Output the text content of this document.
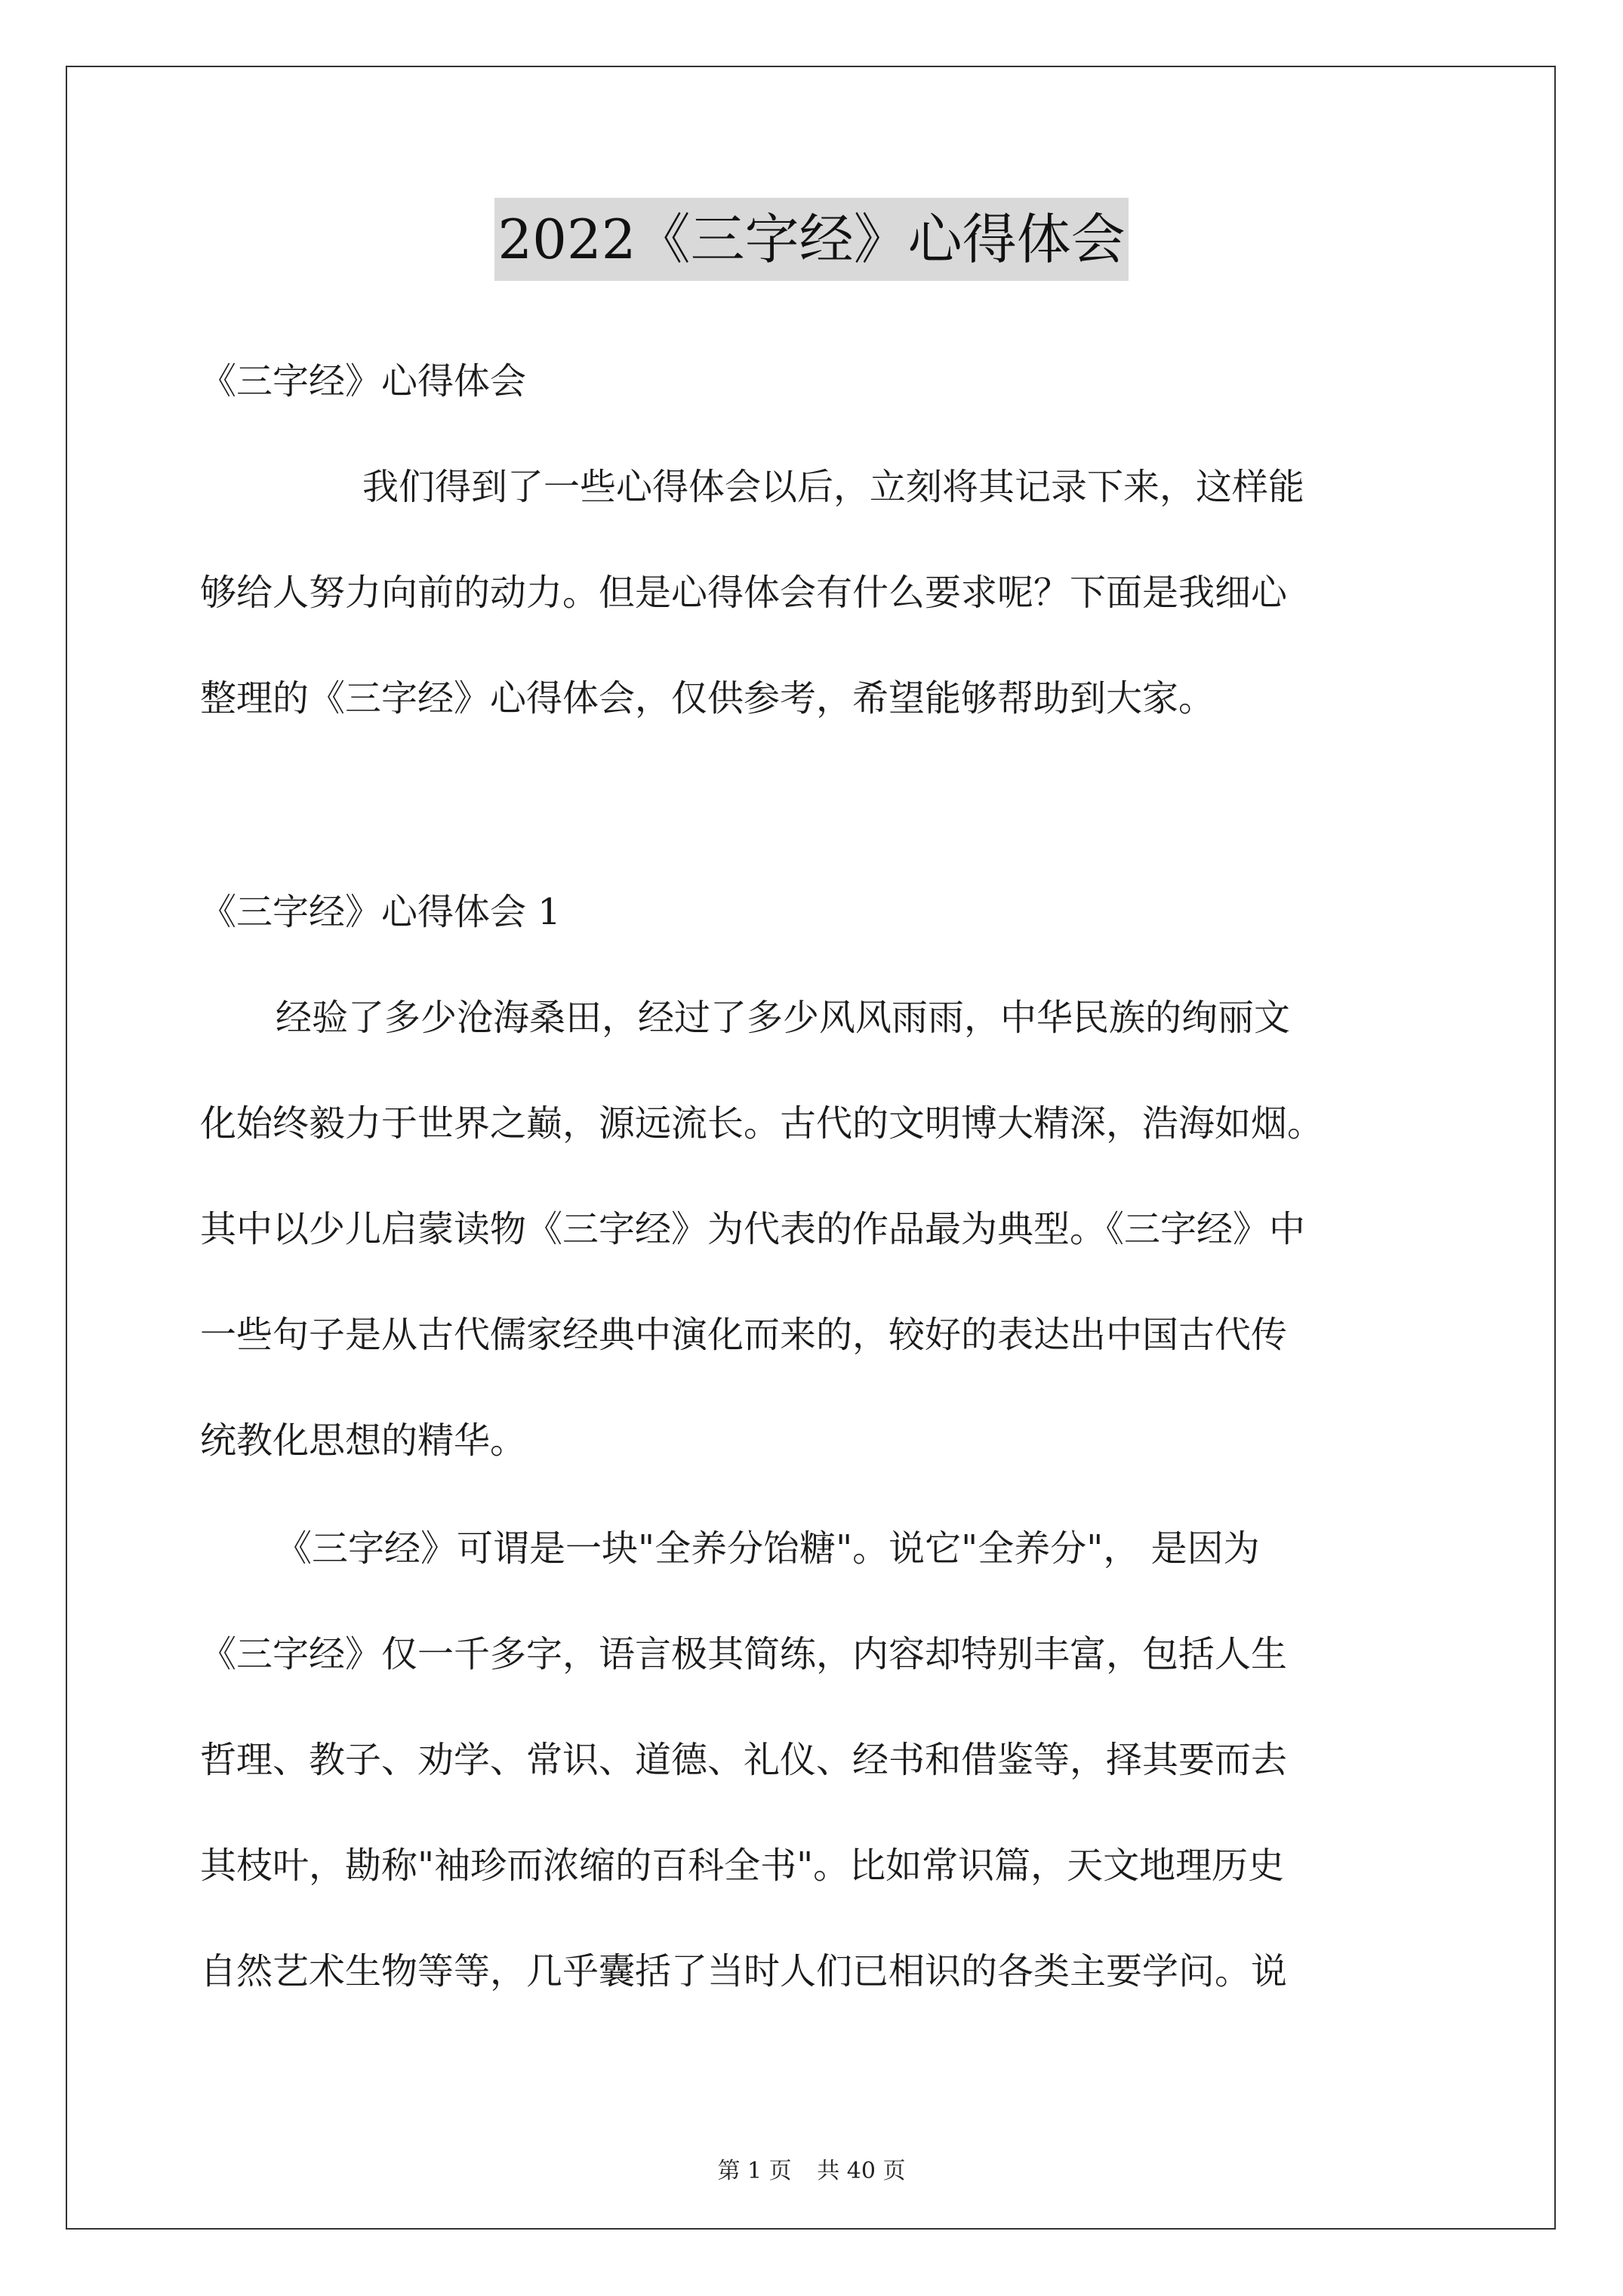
2022《三字经》心得体会

《三字经》心得体会

我们得到了一些心得体会以后，立刻将其记录下来，这样能

够给人努力向前的动力。但是心得体会有什么要求呢？下面是我细心

整理的《三字经》心得体会，仅供参考，希望能够帮助到大家。

《三字经》心得体会 1

经验了多少沧海桑田，经过了多少风风雨雨，中华民族的绚丽文

化始终毅力于世界之巅，源远流长。古代的文明博大精深，浩海如烟。

其中以少儿启蒙读物《三字经》为代表的作品最为典型。《三字经》中

一些句子是从古代儒家经典中演化而来的，较好的表达出中国古代传

统教化思想的精华。

《三字经》可谓是一块"全养分饴糖"。说它"全养分"， 是因为

《三字经》仅一千多字，语言极其简练，内容却特别丰富，包括人生

哲理、教子、劝学、常识、道德、礼仪、经书和借鉴等，择其要而去

其枝叶，勘称"袖珍而浓缩的百科全书"。比如常识篇，天文地理历史

自然艺术生物等等，几乎囊括了当时人们已相识的各类主要学问。说

第 1 页 共 40 页
